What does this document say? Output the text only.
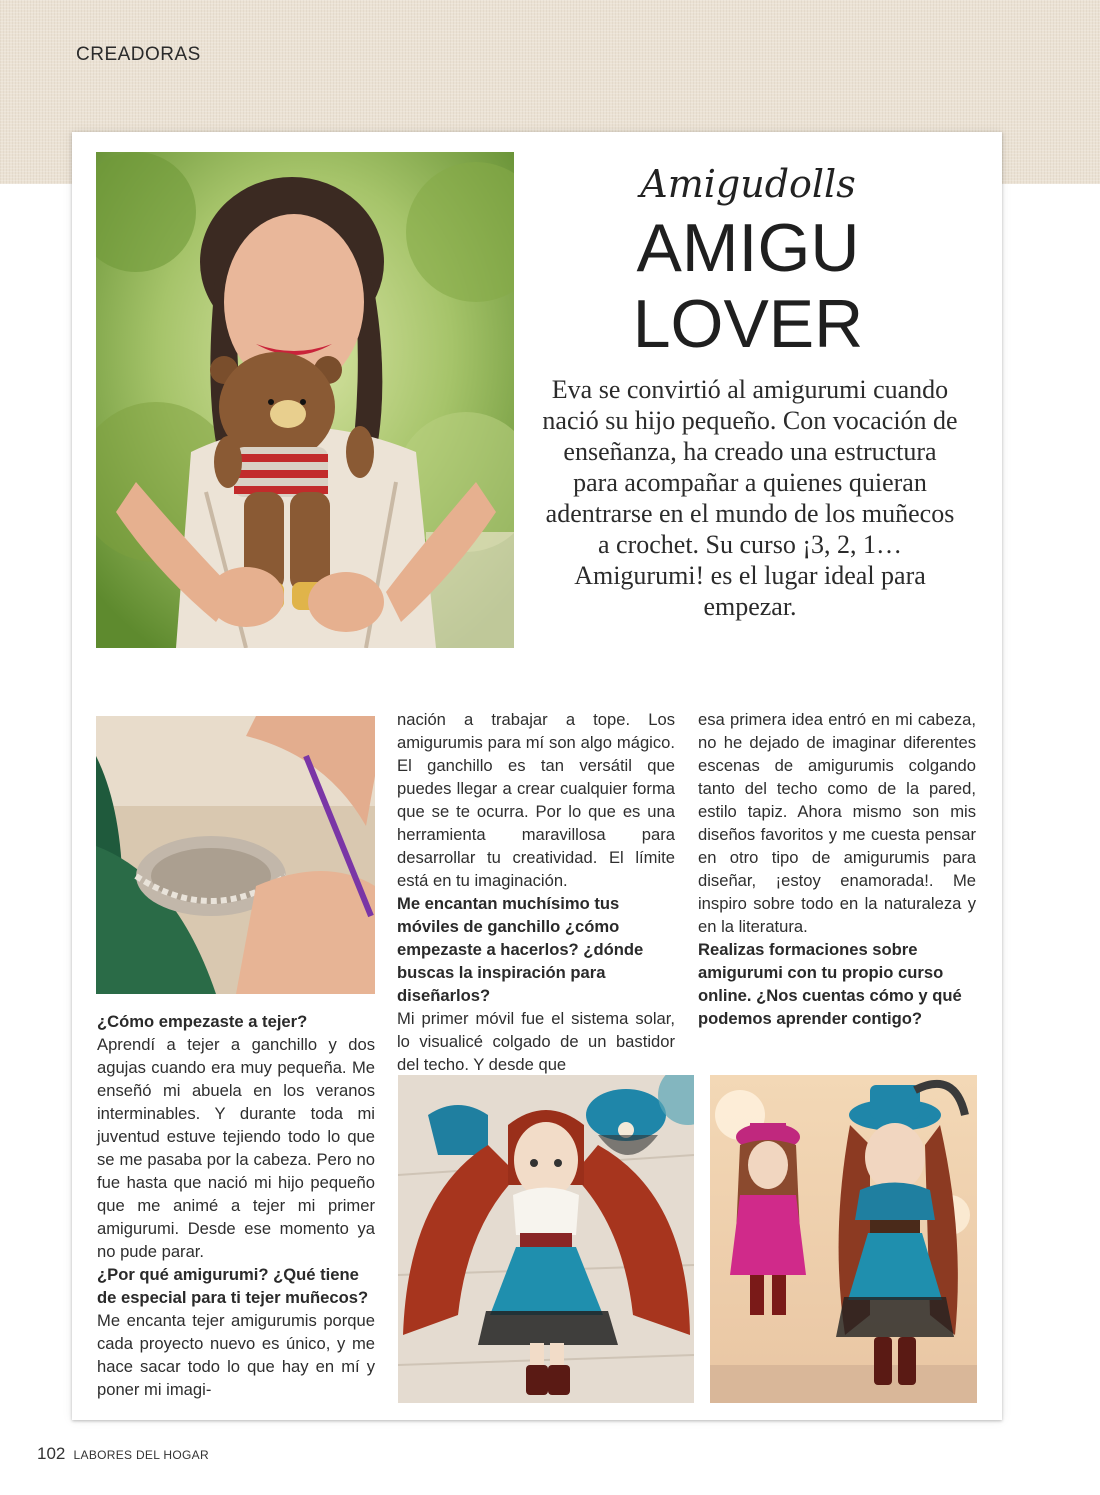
CREADORAS
Amigudolls
AMIGU
LOVER
Eva se convirtió al amigurumi cuando nació su hijo pequeño. Con vocación de enseñanza, ha creado una estructura para acompañar a quienes quieran adentrarse en el mundo de los muñecos a crochet. Su curso ¡3, 2, 1… Amigurumi! es el lugar ideal para empezar.

¿Cómo empezaste a tejer?

Aprendí a tejer a ganchillo y dos agujas cuando era muy pequeña. Me enseñó mi abuela en los veranos interminables. Y durante toda mi juventud estuve tejiendo todo lo que se me pasaba por la cabeza. Pero no fue hasta que nació mi hijo pequeño que me animé a tejer mi primer amigurumi. Desde ese momento ya no pude parar.

¿Por qué amigurumi? ¿Qué tiene de especial para ti tejer muñecos?

Me encanta tejer amigurumis porque cada proyecto nuevo es único, y me hace sacar todo lo que hay en mí y poner mi imagi-

nación a trabajar a tope. Los amigurumis para mí son algo mágico. El ganchillo es tan versátil que puedes llegar a crear cualquier forma que se te ocurra. Por lo que es una herramienta maravillosa para desarrollar tu creatividad. El límite está en tu imaginación.

Me encantan muchísimo tus móviles de ganchillo ¿cómo empezaste a hacerlos? ¿dónde buscas la inspiración para diseñarlos?

Mi primer móvil fue el sistema solar, lo visualicé colgado de un bastidor del techo. Y desde que

esa primera idea entró en mi cabeza, no he dejado de imaginar diferentes escenas de amigurumis colgando tanto del techo como de la pared, estilo tapiz. Ahora mismo son mis diseños favoritos y me cuesta pensar en otro tipo de amigurumis para diseñar, ¡estoy enamorada!. Me inspiro sobre todo en la naturaleza y en la literatura.

Realizas formaciones sobre amigurumi con tu propio curso online. ¿Nos cuentas cómo y qué podemos aprender contigo?

102 LABORES DEL HOGAR
